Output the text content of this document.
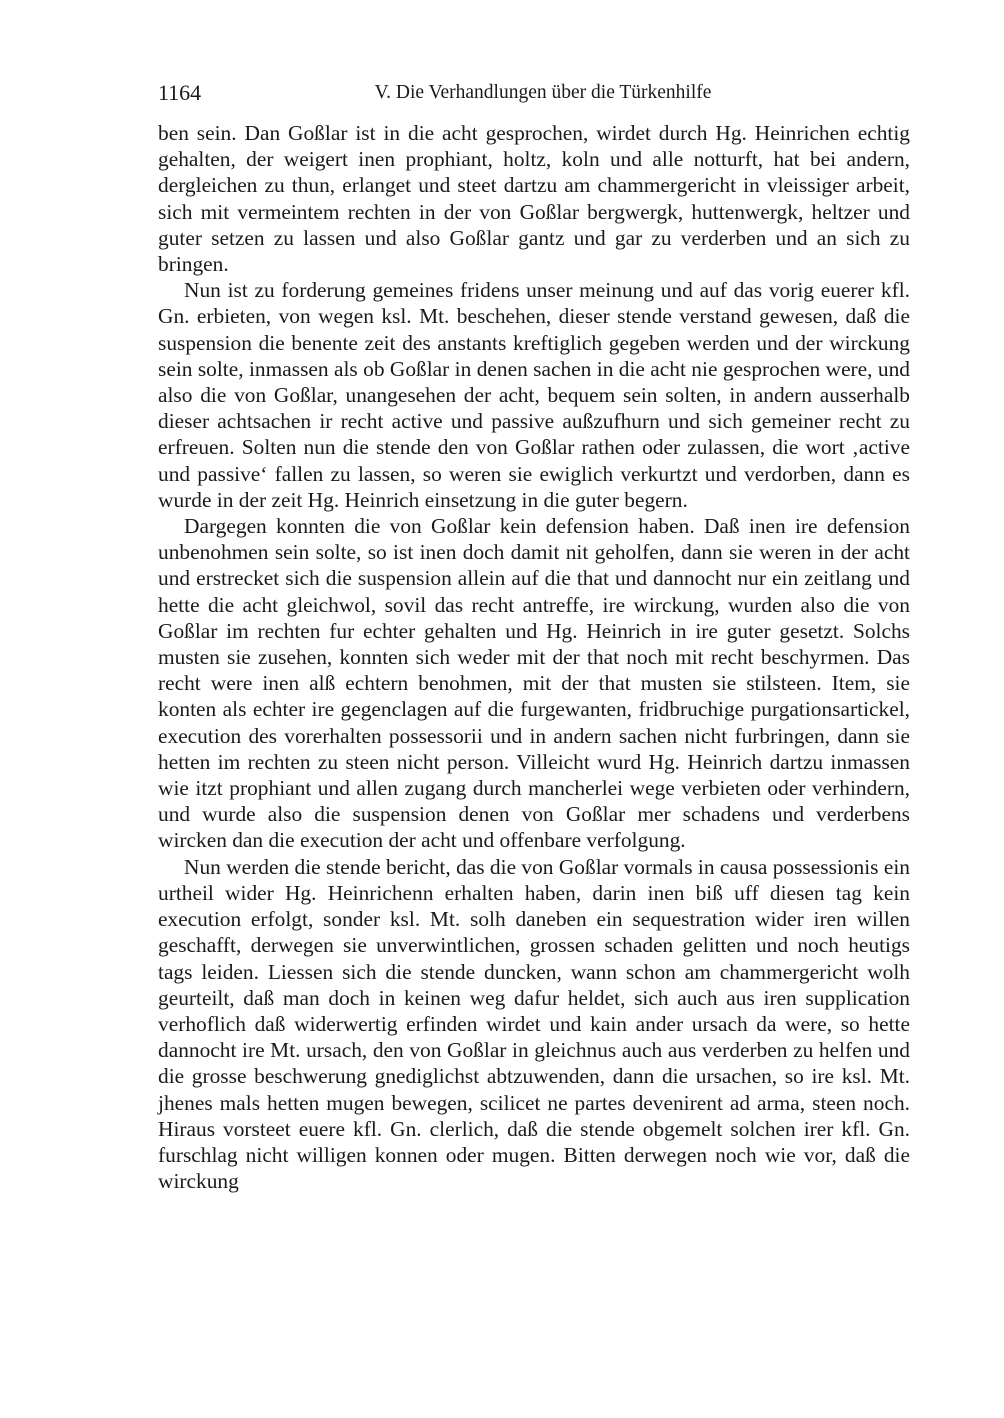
1164	V. Die Verhandlungen über die Türkenhilfe

ben sein. Dan Goßlar ist in die acht gesprochen, wirdet durch Hg. Heinrichen echtig gehalten, der weigert inen prophiant, holtz, koln und alle notturft, hat bei andern, dergleichen zu thun, erlanget und steet dartzu am chammergericht in vleissiger arbeit, sich mit vermeintem rechten in der von Goßlar bergwergk, huttenwergk, heltzer und guter setzen zu lassen und also Goßlar gantz und gar zu verderben und an sich zu bringen.

Nun ist zu forderung gemeines fridens unser meinung und auf das vorig euerer kfl. Gn. erbieten, von wegen ksl. Mt. beschehen, dieser stende verstand gewesen, daß die suspension die benente zeit des anstants kreftiglich gegeben werden und der wirckung sein solte, inmassen als ob Goßlar in denen sachen in die acht nie gesprochen were, und also die von Goßlar, unangesehen der acht, bequem sein solten, in andern ausserhalb dieser achtsachen ir recht active und passive außzufhurn und sich gemeiner recht zu erfreuen. Solten nun die stende den von Goßlar rathen oder zulassen, die wort ‚active und passive‘ fallen zu lassen, so weren sie ewiglich verkurtzt und verdorben, dann es wurde in der zeit Hg. Heinrich einsetzung in die guter begern.

Dargegen konnten die von Goßlar kein defension haben. Daß inen ire defension unbenohmen sein solte, so ist inen doch damit nit geholfen, dann sie weren in der acht und erstrecket sich die suspension allein auf die that und dannocht nur ein zeitlang und hette die acht gleichwol, sovil das recht antreffe, ire wirckung, wurden also die von Goßlar im rechten fur echter gehalten und Hg. Heinrich in ire guter gesetzt. Solchs musten sie zusehen, konnten sich weder mit der that noch mit recht beschyrmen. Das recht were inen alß echtern benohmen, mit der that musten sie stilsteen. Item, sie konten als echter ire gegenclagen auf die furgewanten, fridbruchige purgationsartickel, execution des vorerhalten possessorii und in andern sachen nicht furbringen, dann sie hetten im rechten zu steen nicht person. Villeicht wurd Hg. Heinrich dartzu inmassen wie itzt prophiant und allen zugang durch mancherlei wege verbieten oder verhindern, und wurde also die suspension denen von Goßlar mer schadens und verderbens wircken dan die execution der acht und offenbare verfolgung.

Nun werden die stende bericht, das die von Goßlar vormals in causa possessionis ein urtheil wider Hg. Heinrichenn erhalten haben, darin inen biß uff diesen tag kein execution erfolgt, sonder ksl. Mt. solh daneben ein sequestration wider iren willen geschafft, derwegen sie unverwintlichen, grossen schaden gelitten und noch heutigs tags leiden. Liessen sich die stende duncken, wann schon am chammergericht wolh geurteilt, daß man doch in keinen weg dafur heldet, sich auch aus iren supplication verhoflich daß widerwertig erfinden wirdet und kain ander ursach da were, so hette dannocht ire Mt. ursach, den von Goßlar in gleichnus auch aus verderben zu helfen und die grosse beschwerung gnediglichst abtzuwenden, dann die ursachen, so ire ksl. Mt. jhenes mals hetten mugen bewegen, scilicet ne partes devenirent ad arma, steen noch. Hiraus vorsteet euere kfl. Gn. clerlich, daß die stende obgemelt solchen irer kfl. Gn. furschlag nicht willigen konnen oder mugen. Bitten derwegen noch wie vor, daß die wirckung
